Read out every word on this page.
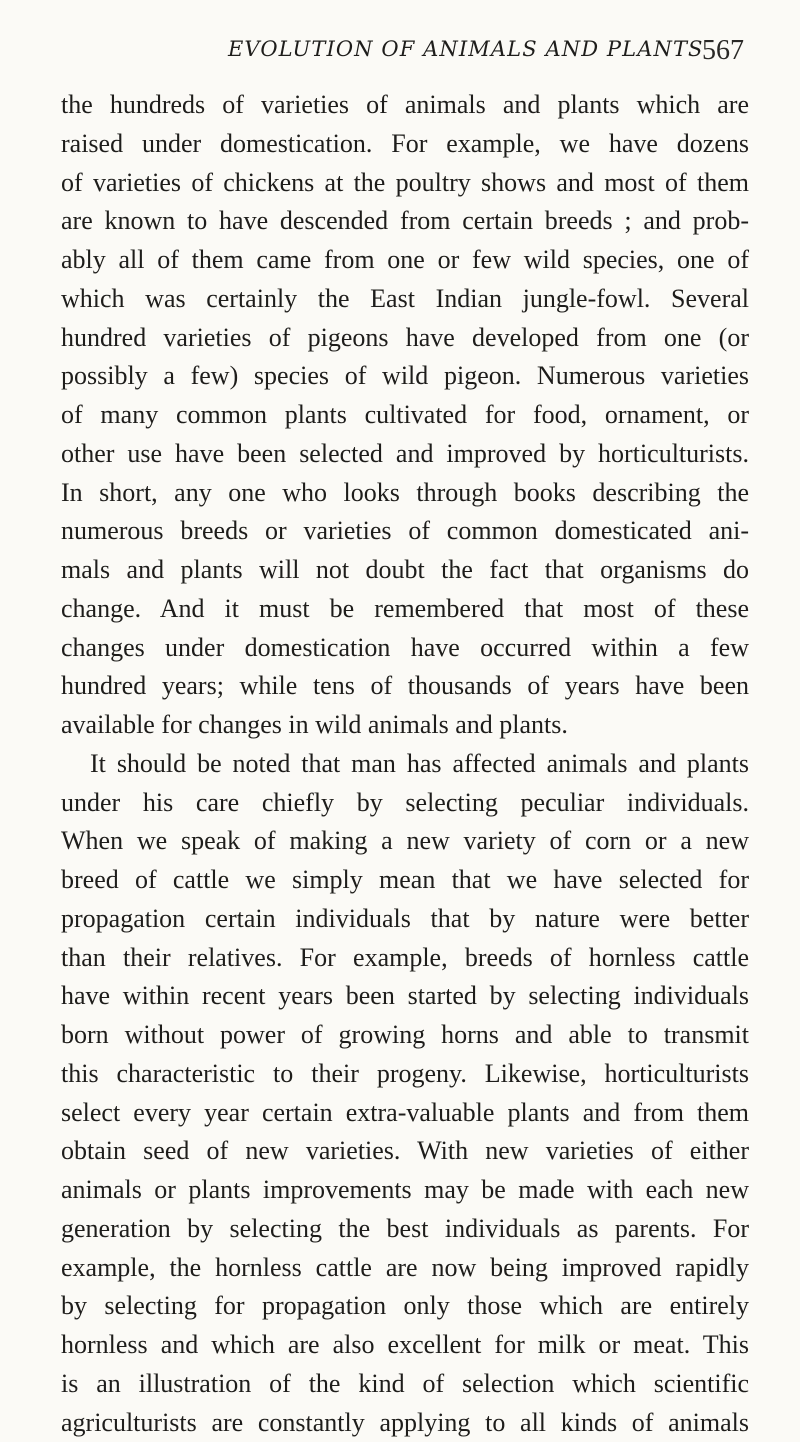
EVOLUTION OF ANIMALS AND PLANTS
567
the hundreds of varieties of animals and plants which are
raised under domestication. For example, we have dozens
of varieties of chickens at the poultry shows and most of them
are known to have descended from certain breeds ; and prob-
ably all of them came from one or few wild species, one of
which was certainly the East Indian jungle-fowl. Several
hundred varieties of pigeons have developed from one (or
possibly a few) species of wild pigeon. Numerous varieties
of many common plants cultivated for food, ornament, or
other use have been selected and improved by horticulturists.
In short, any one who looks through books describing the
numerous breeds or varieties of common domesticated ani-
mals and plants will not doubt the fact that organisms do
change. And it must be remembered that most of these
changes under domestication have occurred within a few
hundred years; while tens of thousands of years have been
available for changes in wild animals and plants.
It should be noted that man has affected animals and plants
under his care chiefly by selecting peculiar individuals.
When we speak of making a new variety of corn or a new
breed of cattle we simply mean that we have selected for
propagation certain individuals that by nature were better
than their relatives. For example, breeds of hornless cattle
have within recent years been started by selecting individuals
born without power of growing horns and able to transmit
this characteristic to their progeny. Likewise, horticulturists
select every year certain extra-valuable plants and from them
obtain seed of new varieties. With new varieties of either
animals or plants improvements may be made with each new
generation by selecting the best individuals as parents. For
example, the hornless cattle are now being improved rapidly
by selecting for propagation only those which are entirely
hornless and which are also excellent for milk or meat. This
is an illustration of the kind of selection which scientific
agriculturists are constantly applying to all kinds of animals
